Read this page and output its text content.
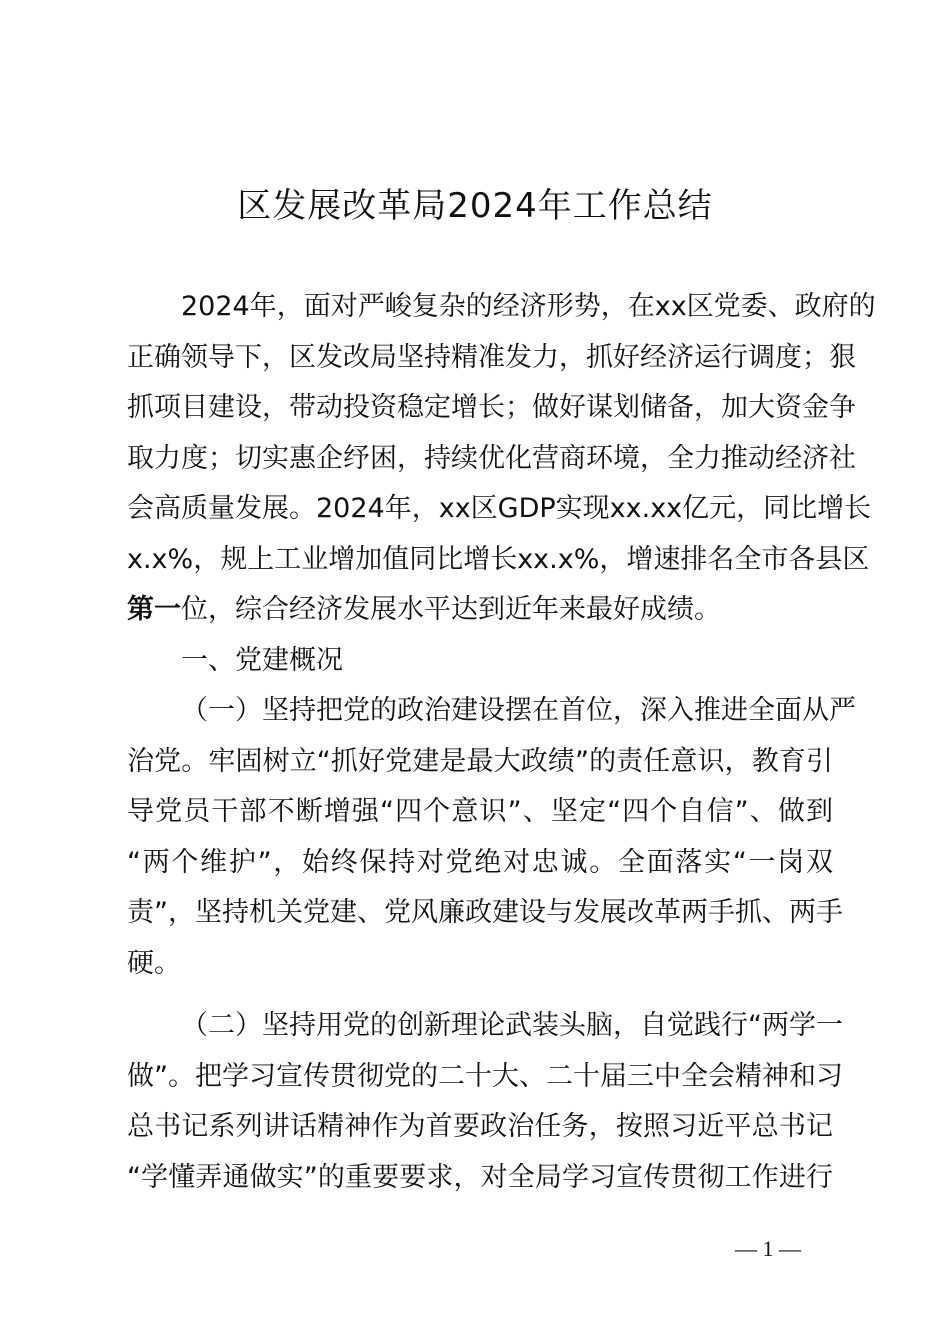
区发展改革局2024年工作总结
2024年，面对严峻复杂的经济形势，在xx区党委、政府的
正确领导下，区发改局坚持精准发力，抓好经济运行调度；狠
抓项目建设，带动投资稳定增长；做好谋划储备，加大资金争
取力度；切实惠企纾困，持续优化营商环境，全力推动经济社
会高质量发展。2024年，xx区GDP实现xx.xx亿元，同比增长
x.x%，规上工业增加值同比增长xx.x%，增速排名全市各县区
第一位，综合经济发展水平达到近年来最好成绩。
一、党建概况
（一）坚持把党的政治建设摆在首位，深入推进全面从严
治党。牢固树立“抓好党建是最大政绩”的责任意识，教育引
导党员干部不断增强“四个意识”、坚定“四个自信”、做到
“两个维护”，始终保持对党绝对忠诚。全面落实“一岗双
责”，坚持机关党建、党风廉政建设与发展改革两手抓、两手
硬。
（二）坚持用党的创新理论武装头脑，自觉践行“两学一
做”。把学习宣传贯彻党的二十大、二十届三中全会精神和习
总书记系列讲话精神作为首要政治任务，按照习近平总书记
“学懂弄通做实”的重要要求，对全局学习宣传贯彻工作进行
— 1 —
